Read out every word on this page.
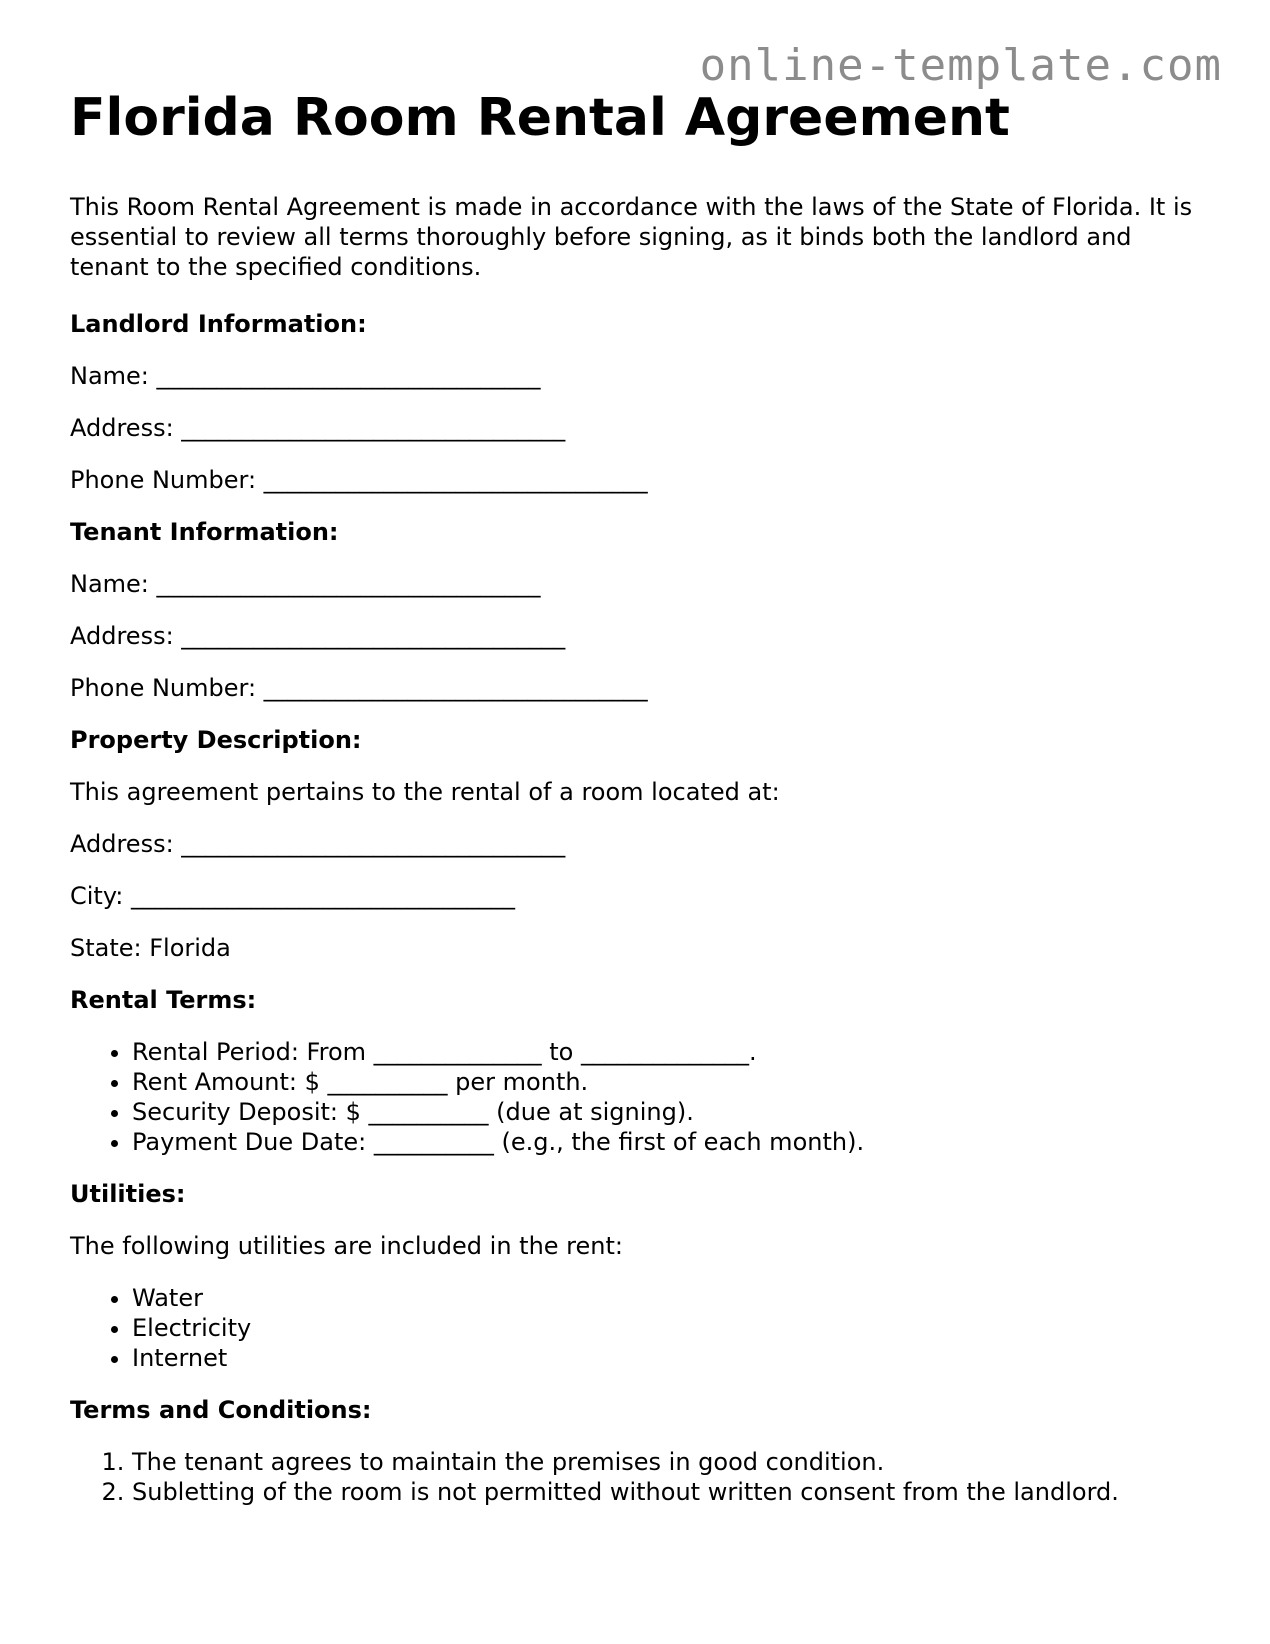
online-template.com
Florida Room Rental Agreement

This Room Rental Agreement is made in accordance with the laws of the State of Florida. It is essential to review all terms thoroughly before signing, as it binds both the landlord and tenant to the specified conditions.

Landlord Information:

Name: ________________________________

Address: ________________________________

Phone Number: ________________________________

Tenant Information:

Name: ________________________________

Address: ________________________________

Phone Number: ________________________________

Property Description:

This agreement pertains to the rental of a room located at:

Address: ________________________________

City: ________________________________

State: Florida

Rental Terms:

• Rental Period: From ______________ to ______________.
• Rent Amount: $ __________ per month.
• Security Deposit: $ __________ (due at signing).
• Payment Due Date: __________ (e.g., the first of each month).

Utilities:

The following utilities are included in the rent:

• Water
• Electricity
• Internet

Terms and Conditions:

1. The tenant agrees to maintain the premises in good condition.
2. Subletting of the room is not permitted without written consent from the landlord.
